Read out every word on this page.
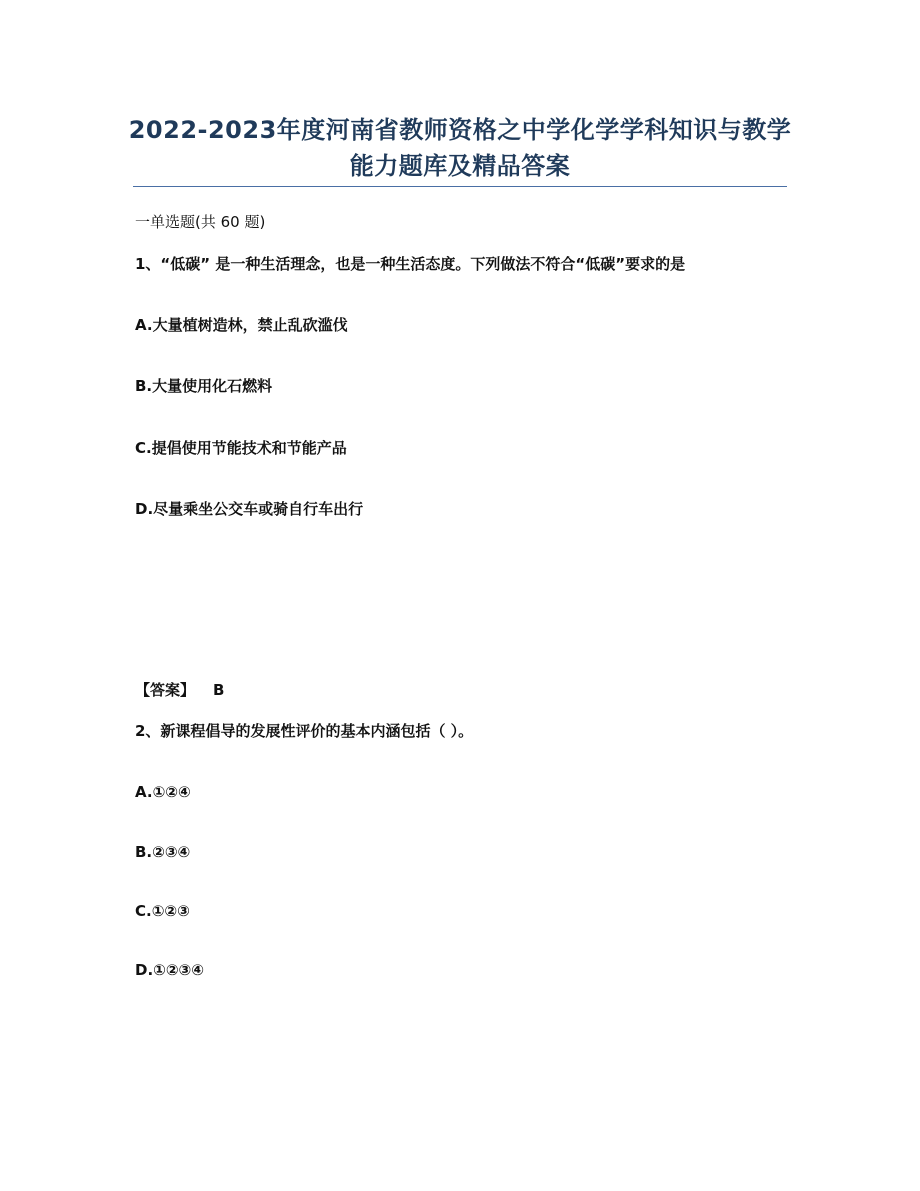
2022-2023年度河南省教师资格之中学化学学科知识与教学
能力题库及精品答案
一单选题(共 60 题)
1、“低碳” 是一种生活理念，也是一种生活态度。下列做法不符合“低碳”要求的是
A.大量植树造林，禁止乱砍滥伐
B.大量使用化石燃料
C.提倡使用节能技术和节能产品
D.尽量乘坐公交车或骑自行车出行
【答案】 B
2、新课程倡导的发展性评价的基本内涵包括（ ）。
A.①②④
B.②③④
C.①②③
D.①②③④
